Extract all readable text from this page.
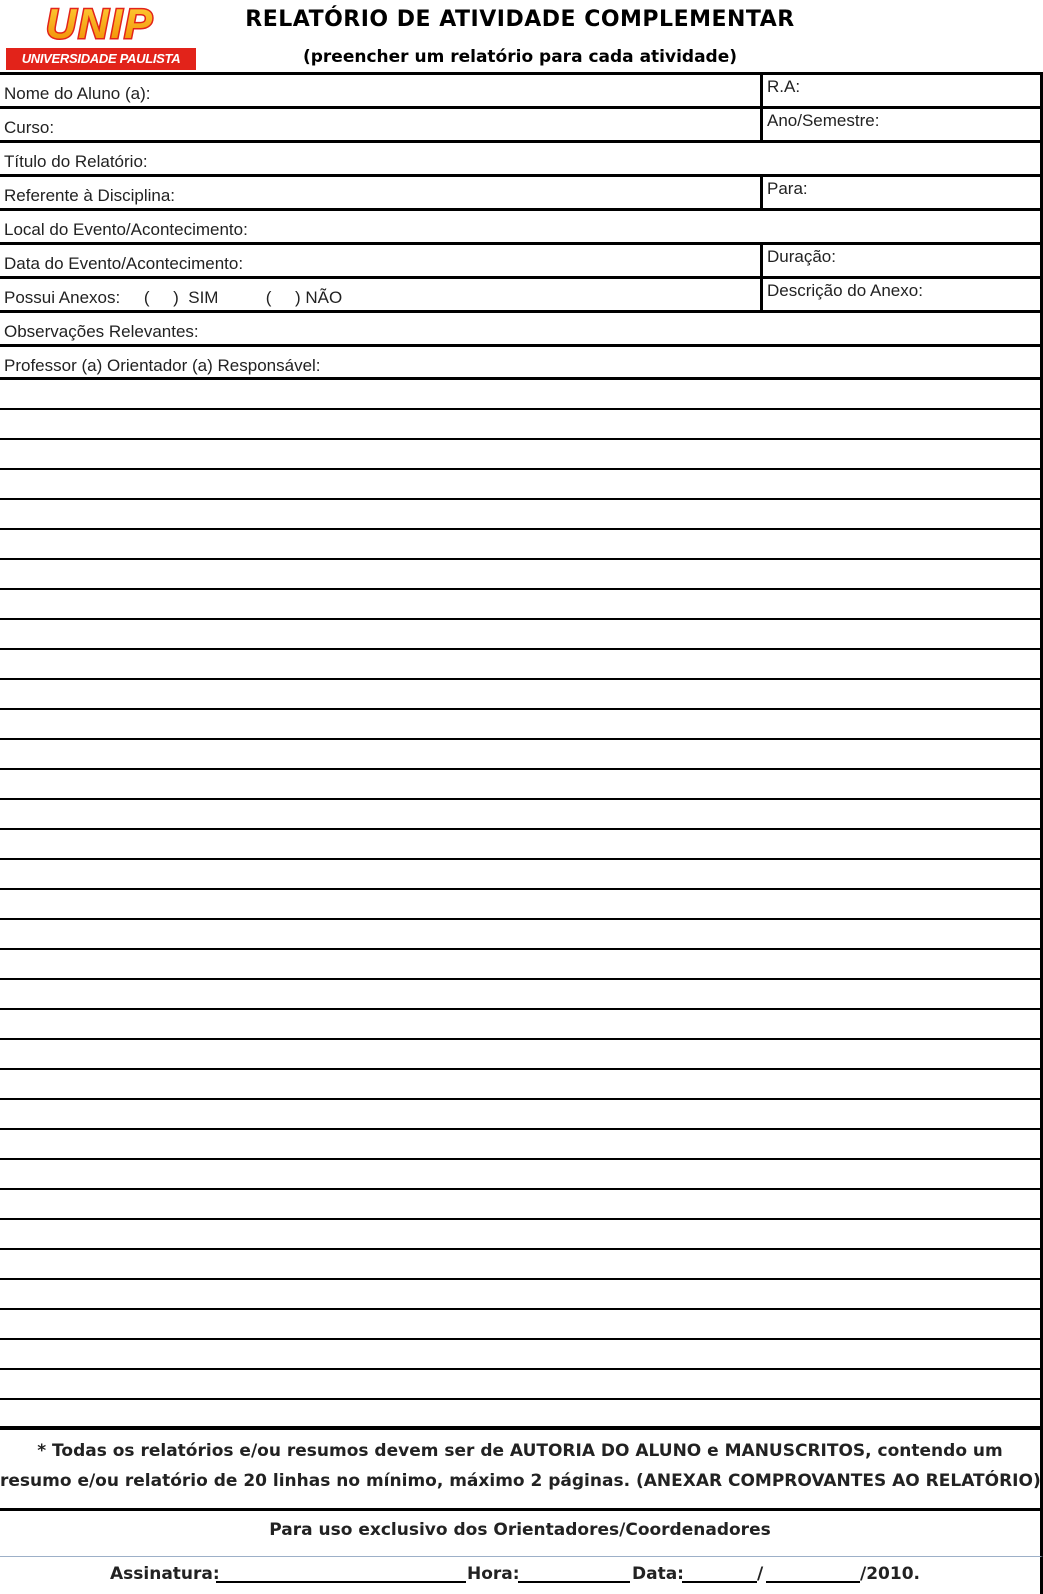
UNIP
UNIVERSIDADE PAULISTA
RELATÓRIO DE ATIVIDADE COMPLEMENTAR
(preencher um relatório para cada atividade)
Nome do Aluno (a):	R.A:
Curso:	Ano/Semestre:
Título do Relatório:
Referente à Disciplina:	Para:
Local do Evento/Acontecimento:
Data do Evento/Acontecimento:	Duração:
Possui Anexos:     (     )  SIM          (     ) NÃO	Descrição do Anexo:
Observações Relevantes:
Professor (a) Orientador (a) Responsável:
* Todas os relatórios e/ou resumos devem ser de AUTORIA DO ALUNO e MANUSCRITOS, contendo um
resumo e/ou relatório de 20 linhas no mínimo, máximo 2 páginas. (ANEXAR COMPROVANTES AO RELATÓRIO)
Para uso exclusivo dos Orientadores/Coordenadores
Assinatura:	Hora:	Data:	/	/2010.
